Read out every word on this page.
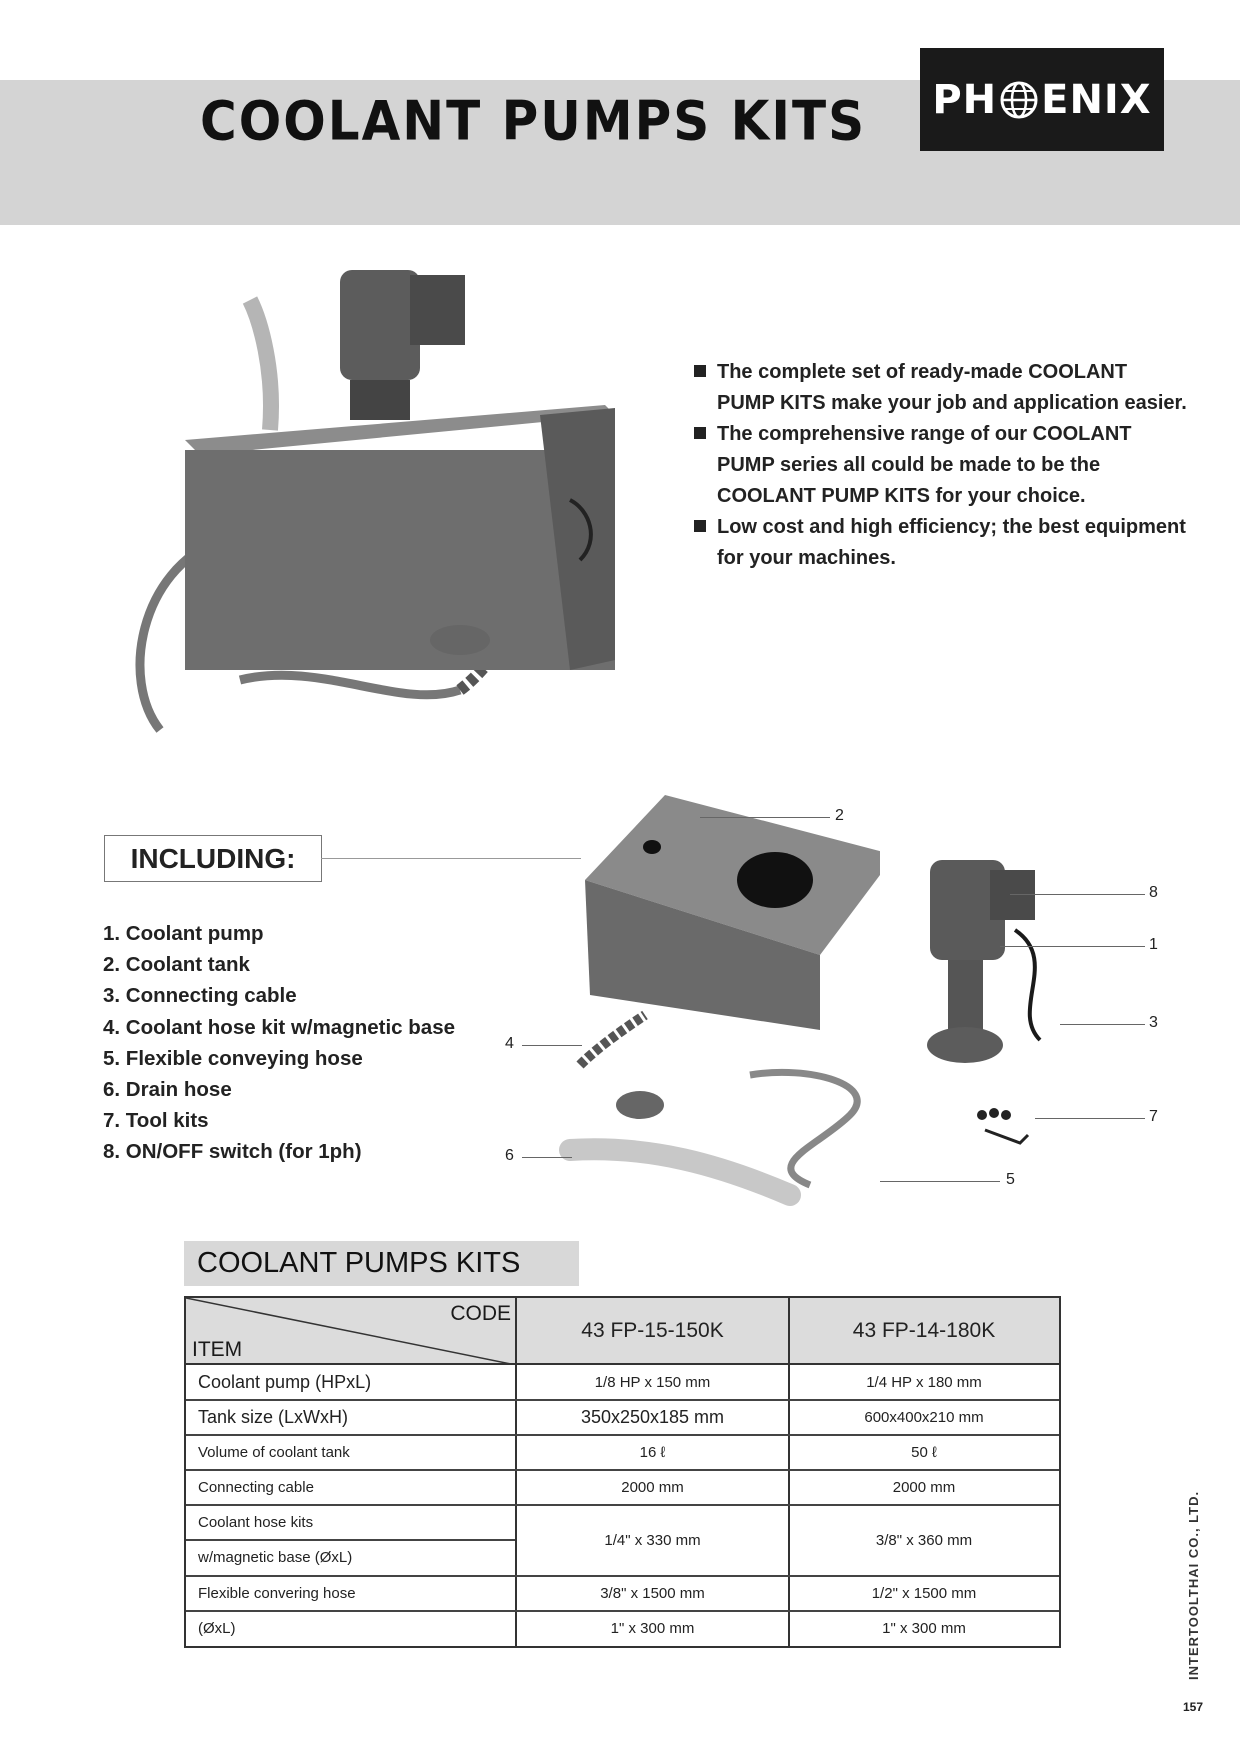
COOLANT PUMPS KITS PH ENIX
The complete set of ready-made COOLANT PUMP KITS make your job and application easier.
The comprehensive range of our COOLANT PUMP series all could be made to be the COOLANT PUMP KITS for your choice.
Low cost and high efficiency; the best equipment for your machines.
INCLUDING:
1. Coolant pump
2. Coolant tank
3. Connecting cable
4. Coolant hose kit w/magnetic base
5. Flexible conveying hose
6. Drain hose
7. Tool kits
8. ON/OFF switch (for 1ph)
2
8
1
3
4
7
6
5
COOLANT PUMPS KITS
CODE
ITEM
43 FP-15-150K	43 FP-14-180K
Coolant pump (HPxL)	1/8 HP x 150 mm	1/4 HP x 180 mm
Tank size (LxWxH)	350x250x185 mm	600x400x210 mm
Volume of coolant tank	16 ℓ	50 ℓ
Connecting cable	2000 mm	2000 mm
Coolant hose kits
w/magnetic base (ØxL)
1/4" x 330 mm	3/8" x 360 mm
Flexible convering hose	3/8" x 1500 mm	1/2" x 1500 mm
(ØxL)	1" x 300 mm	1" x 300 mm	INTERTOOLTHAI CO., LTD.
157
